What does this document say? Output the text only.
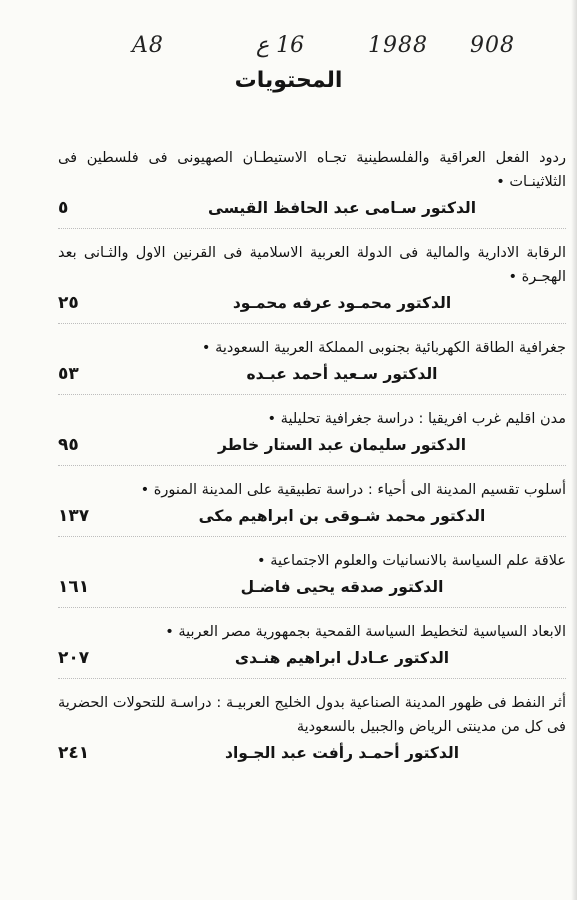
A8	16 ع	1988 908
المحتويات

ردود الفعل العراقية والفلسطينية تجـاه الاستيطـان الصهيونى فى فلسطين فى الثلاثينـات •

الدكتور سـامى عبد الحافظ القيسى
٥

الرقابة الادارية والمالية فى الدولة العربية الاسلامية فى القرنين الاول والثـانى بعد الهجـرة •

الدكتور محمـود عرفه محمـود
٢٥

جغرافية الطاقة الكهربائية بجنوبى المملكة العربية السعودية •

الدكتور سـعيد أحمد عبـده
٥٣

مدن اقليم غرب افريقيا : دراسة جغرافية تحليلية •

الدكتور سليمان عبد الستار خاطر
٩٥

أسلوب تقسيم المدينة الى أحياء : دراسة تطبيقية على المدينة المنورة •

الدكتور محمد شـوقى بن ابراهيم مكى
١٣٧

علاقة علم السياسة بالانسانيات والعلوم الاجتماعية •

الدكتور صدقه يحيى فاضـل
١٦١

الابعاد السياسية لتخطيط السياسة القمحية بجمهورية مصر العربية •

الدكتور عـادل ابراهيم هنـدى
٢٠٧

أثر النفط فى ظهور المدينة الصناعية بدول الخليج العربيـة : دراسـة للتحولات الحضرية فى كل من مدينتى الرياض والجبيل بالسعودية

الدكتور أحمـد رأفت عبد الجـواد
٢٤١
